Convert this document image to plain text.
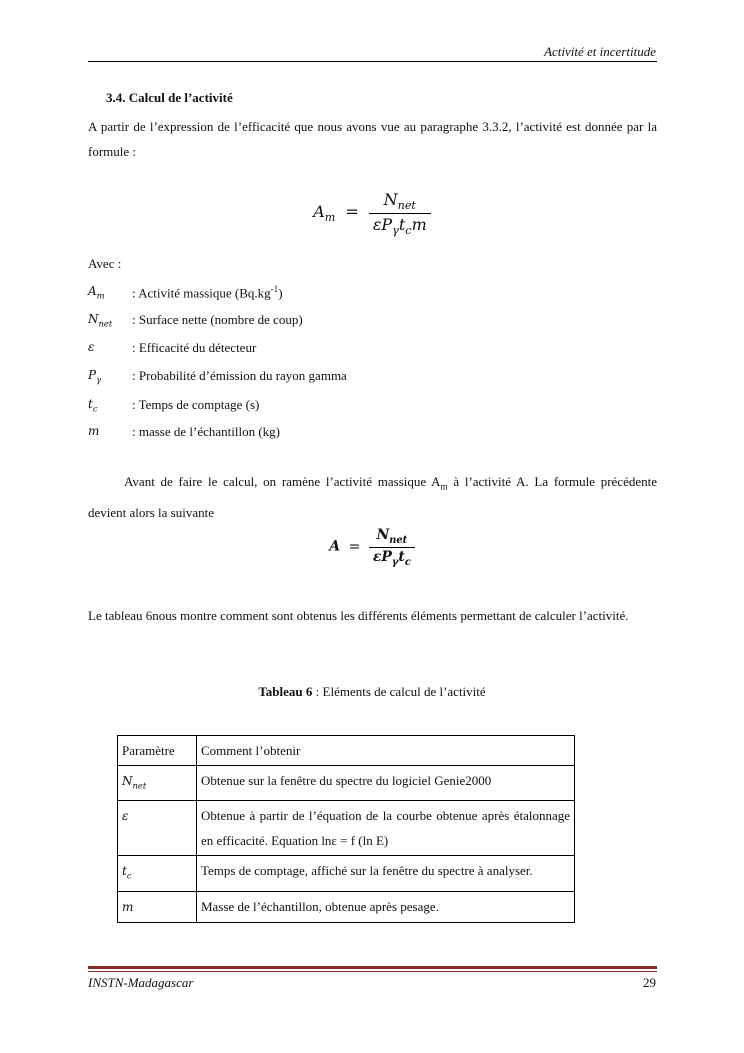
Activité et incertitude
3.4. Calcul de l’activité
A partir de l’expression de l’efficacité que nous avons vue au paragraphe 3.3.2, l’activité est donnée par la formule :
$A_m = \frac{N_{net}}{\varepsilon P_\gamma t_cm}$
Avec :
$A_m$ : Activité massique $(Bq.kg^{-1})$
$N_{net}$ : Surface nette (nombre de coup)
ε	: Efficacité du détecteur
$P_\gamma$ : Probabilité d’émission du rayon gamma
$t_c$	: Temps de comptage (s)
m	: masse de l’échantillon (kg)
Avant de faire le calcul, on ramène l’activité massique $A_m$ à l’activité A. La formule précédente devient alors la suivante
$A = \frac{N_{net}}{\varepsilon P_\gamma t_c}$
Le tableau 6nous montre comment sont obtenus les différents éléments permettant de calculer l’activité.
Tableau 6 : Eléments de calcul de l’activité
Paramètre	Comment l’obtenir
$N_{net}$	Obtenue sur la fenêtre du spectre du logiciel Genie2000
ε	Obtenue à partir de l’équation de la courbe obtenue après étalonnage en efficacité. Equation lnε = f (ln E)
$t_c$	Temps de comptage, affiché sur la fenêtre du spectre à analyser.
m	Masse de l’échantillon, obtenue après pesage.
INSTN-Madagascar	29
